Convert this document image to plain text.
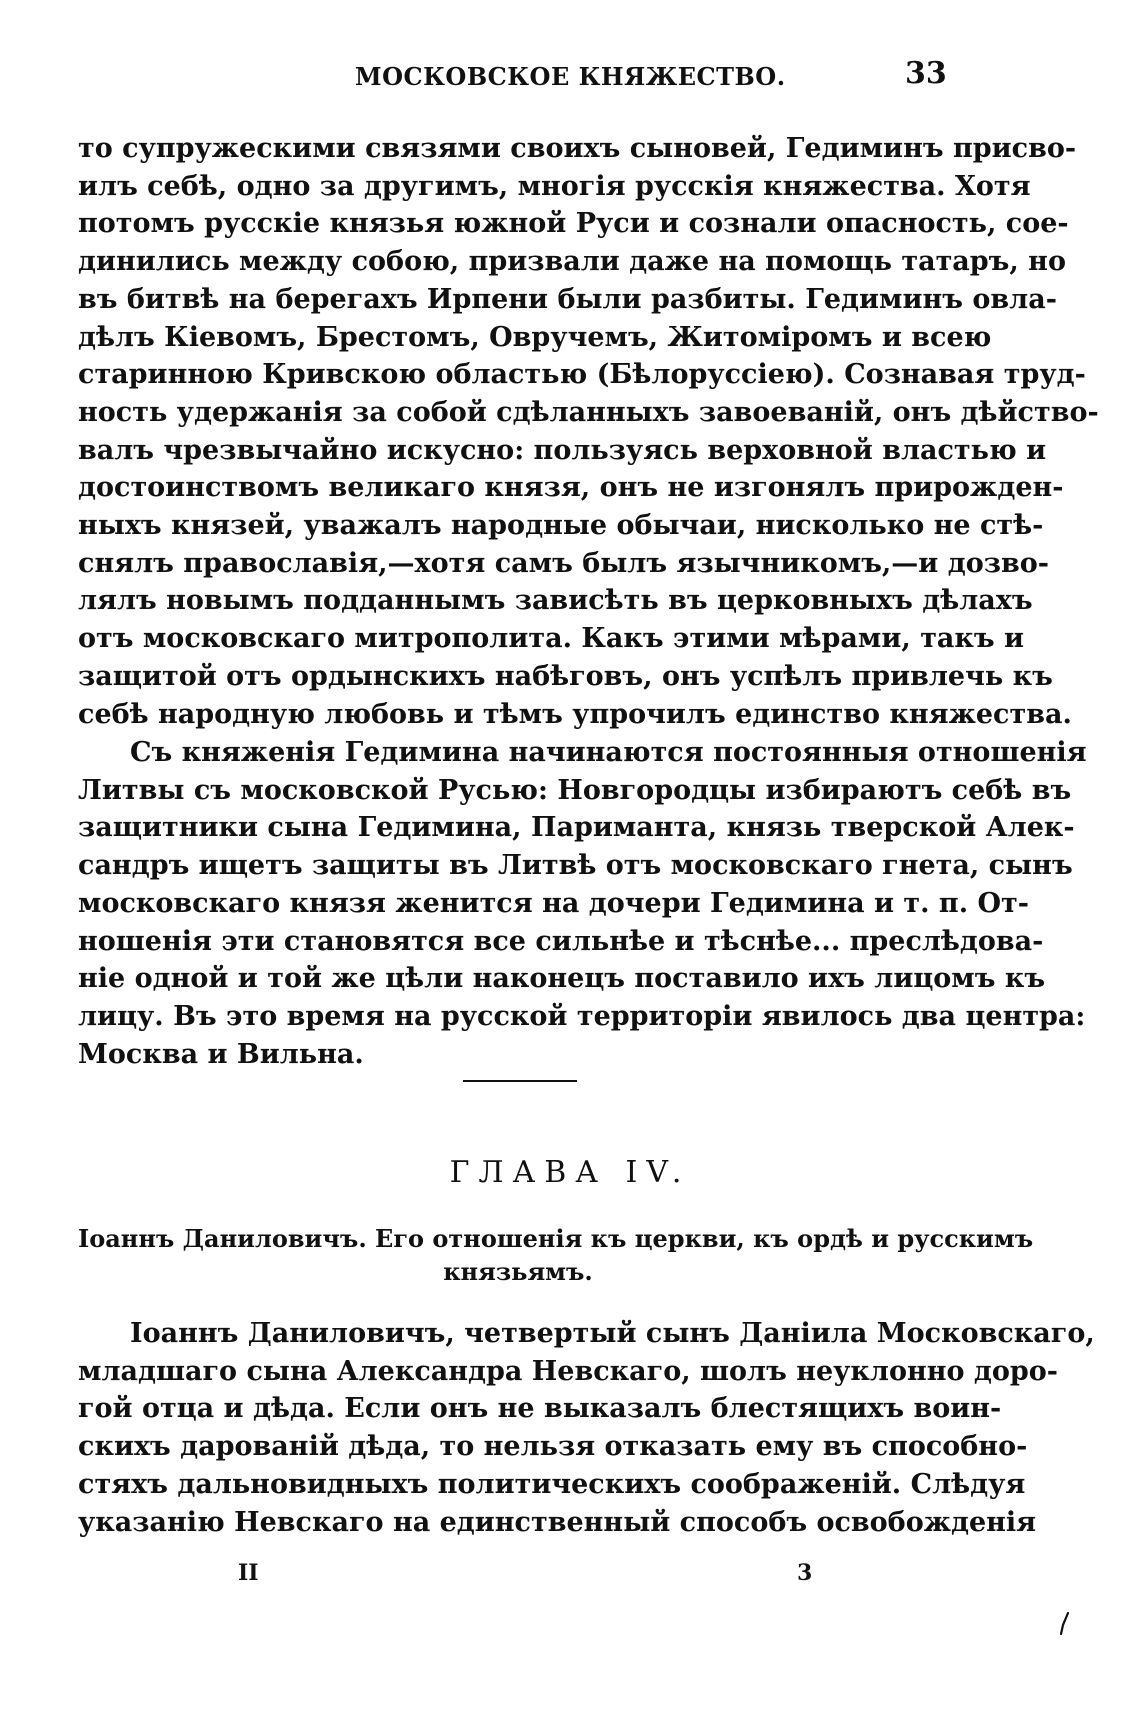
МОСКОВСКОЕ КНЯЖЕСТВО.	33
то супружескими связями своихъ сыновей, Гедиминъ присво-
илъ себѣ, одно за другимъ, многія русскія княжества. Хотя
потомъ русскіе князья южной Руси и сознали опасность, сое-
динились между собою, призвали даже на помощь татаръ, но
въ битвѣ на берегахъ Ирпени были разбиты. Гедиминъ овла-
дѣлъ Кіевомъ, Брестомъ, Овручемъ, Житоміромъ и всею
старинною Кривскою областью (Бѣлоруссіею). Сознавая труд-
ность удержанія за собой сдѣланныхъ завоеваній, онъ дѣйство-
валъ чрезвычайно искусно: пользуясь верховной властью и
достоинствомъ великаго князя, онъ не изгонялъ прирожден-
ныхъ князей, уважалъ народные обычаи, нисколько не стѣ-
снялъ православія,—хотя самъ былъ язычникомъ,—и дозво-
лялъ новымъ подданнымъ зависѣть въ церковныхъ дѣлахъ
отъ московскаго митрополита. Какъ этими мѣрами, такъ и
защитой отъ ордынскихъ набѣговъ, онъ успѣлъ привлечь къ
себѣ народную любовь и тѣмъ упрочилъ единство княжества.
Съ княженія Гедимина начинаются постоянныя отношенія
Литвы съ московской Русью: Новгородцы избираютъ себѣ въ
защитники сына Гедимина, Париманта, князь тверской Алек-
сандръ ищетъ защиты въ Литвѣ отъ московскаго гнета, сынъ
московскаго князя женится на дочери Гедимина и т. п. От-
ношенія эти становятся все сильнѣе и тѣснѣе... преслѣдова-
ніе одной и той же цѣли наконецъ поставило ихъ лицомъ къ
лицу. Въ это время на русской территоріи явилось два центра:
Москва и Вильна.
ГЛАВА IV.
Іоаннъ Даниловичъ. Его отношенія къ церкви, къ ордѣ и русскимъ
князьямъ.
Іоаннъ Даниловичъ, четвертый сынъ Даніила Московскаго,
младшаго сына Александра Невскаго, шолъ неуклонно доро-
гой отца и дѣда. Если онъ не выказалъ блестящихъ воин-
скихъ дарованій дѣда, то нельзя отказать ему въ способно-
стяхъ дальновидныхъ политическихъ соображеній. Слѣдуя
указанію Невскаго на единственный способъ освобожденія
II	3
